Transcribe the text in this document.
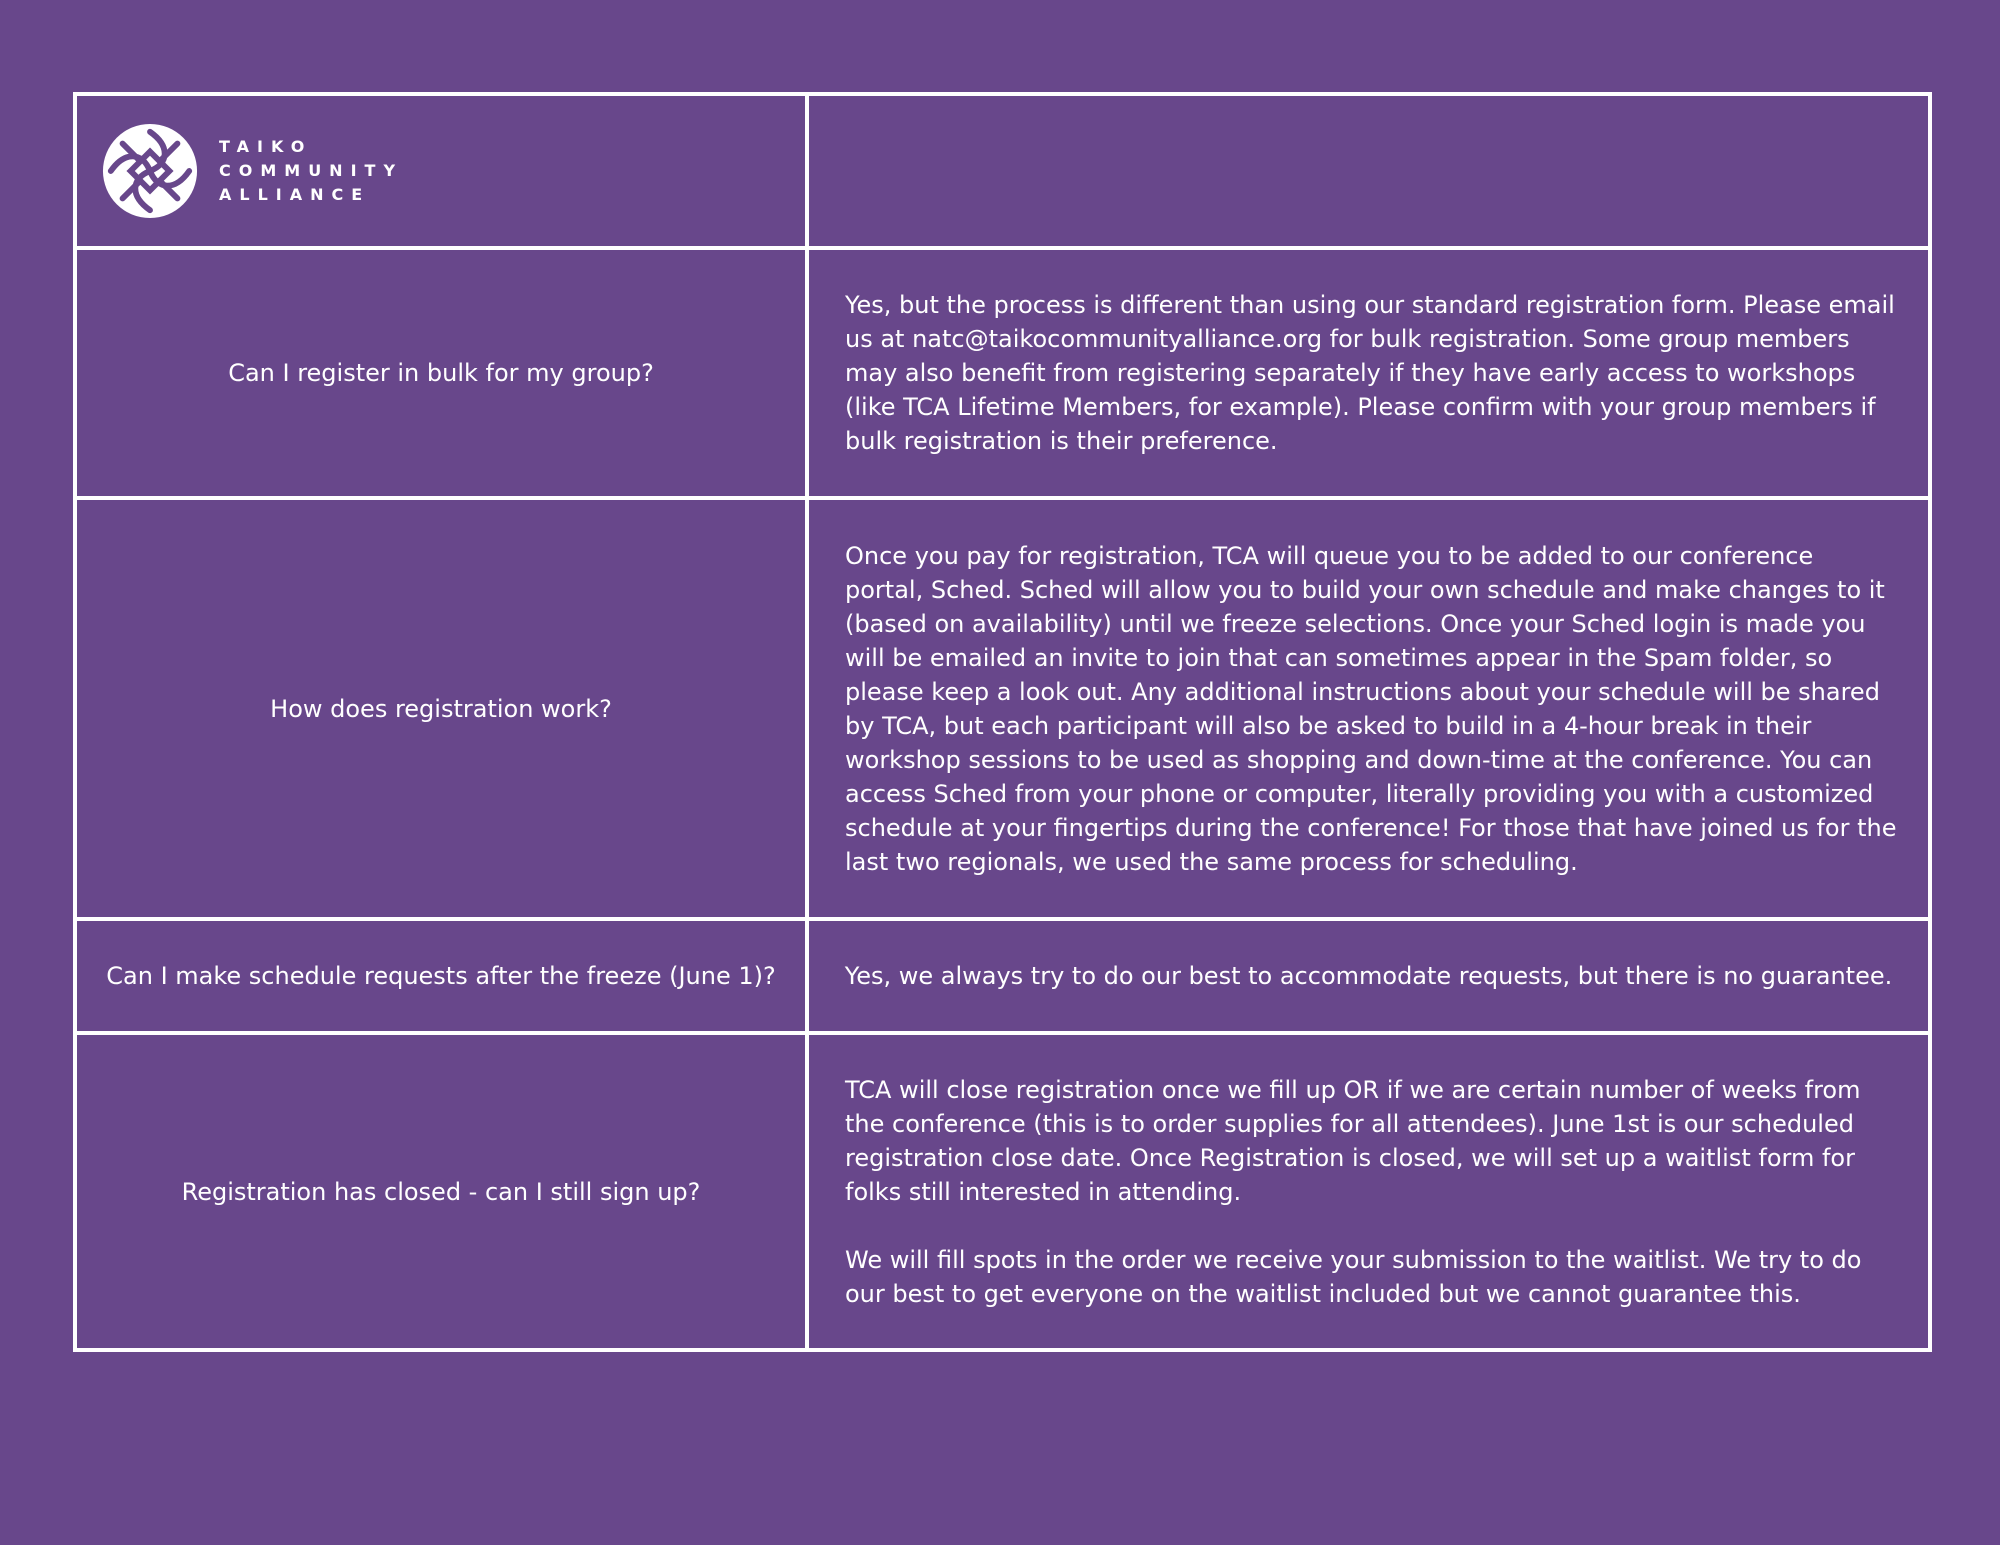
TAIKO
COMMUNITY
ALLIANCE	

Can I register in bulk for my group?	Yes, but the process is different than using our standard registration form. Please email us at natc@taikocommunityalliance.org for bulk registration. Some group members may also benefit from registering separately if they have early access to workshops (like TCA Lifetime Members, for example). Please confirm with your group members if bulk registration is their preference.

How does registration work?	Once you pay for registration, TCA will queue you to be added to our conference portal, Sched. Sched will allow you to build your own schedule and make changes to it (based on availability) until we freeze selections. Once your Sched login is made you will be emailed an invite to join that can sometimes appear in the Spam folder, so please keep a look out. Any additional instructions about your schedule will be shared by TCA, but each participant will also be asked to build in a 4-hour break in their workshop sessions to be used as shopping and down-time at the conference. You can access Sched from your phone or computer, literally providing you with a customized schedule at your fingertips during the conference! For those that have joined us for the last two regionals, we used the same process for scheduling.

Can I make schedule requests after the freeze (June 1)?	Yes, we always try to do our best to accommodate requests, but there is no guarantee.

Registration has closed - can I still sign up?	TCA will close registration once we fill up OR if we are certain number of weeks from the conference (this is to order supplies for all attendees). June 1st is our scheduled registration close date. Once Registration is closed, we will set up a waitlist form for folks still interested in attending.

We will fill spots in the order we receive your submission to the waitlist. We try to do our best to get everyone on the waitlist included but we cannot guarantee this.
